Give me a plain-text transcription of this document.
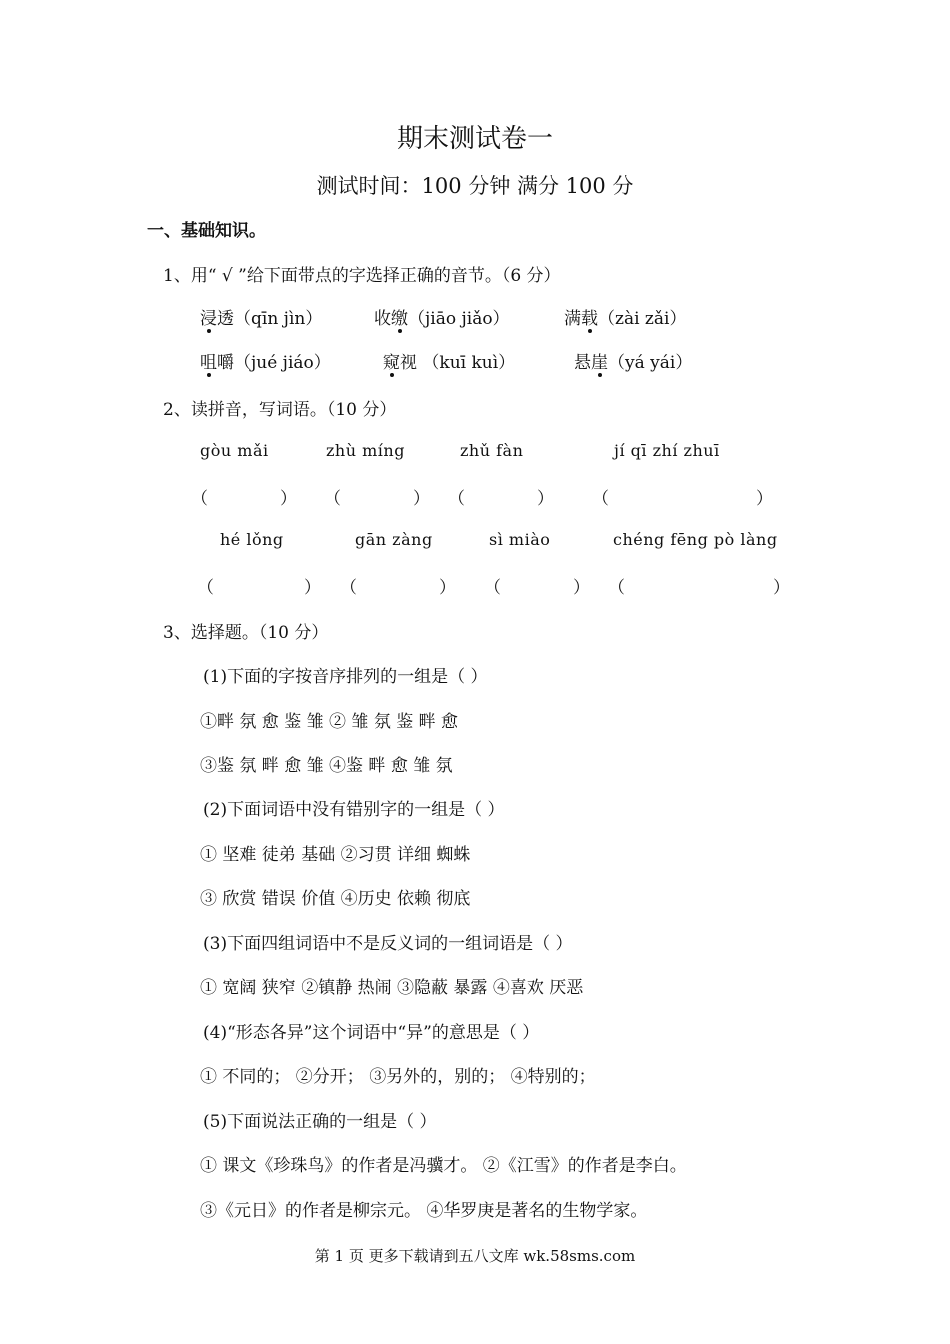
期末测试卷一
测试时间：100 分钟 满分 100 分
一、基础知识。
1、用“ √ ”给下面带点的字选择正确的音节。（6 分）
浸透（qīn jìn）	收缴（jiāo jiǎo）	满载（zài zǎi）
咀嚼（jué jiáo）	窥视 （kuī kuì）	悬崖（yá yái）
2、读拼音，写词语。（10 分）
gòu mǎi	zhù míng	zhǔ fàn	jí qī zhí zhuī
（	） （	） （	） （	）
hé lǒng	gān zàng	sì miào	chéng fēng pò làng
（	） （	） （	） （	）
3、选择题。（10 分）
(1)下面的字按音序排列的一组是（ ）
①畔 氛 愈 鉴 雏 ② 雏 氛 鉴 畔 愈
③鉴 氛 畔 愈 雏 ④鉴 畔 愈 雏 氛
(2)下面词语中没有错别字的一组是（ ）
① 坚难 徒弟 基础 ②习贯 详细 蜘蛛
③ 欣赏 错误 价值 ④历史 依赖 彻底
(3)下面四组词语中不是反义词的一组词语是（ ）
① 宽阔 狭窄 ②镇静 热闹 ③隐蔽 暴露 ④喜欢 厌恶
(4)“形态各异”这个词语中“异”的意思是（ ）
① 不同的； ②分开； ③另外的，别的； ④特别的；
(5)下面说法正确的一组是（ ）
① 课文《珍珠鸟》的作者是冯骥才。 ②《江雪》的作者是李白。
③《元日》的作者是柳宗元。 ④华罗庚是著名的生物学家。
第 1 页 更多下载请到五八文库 wk.58sms.com
